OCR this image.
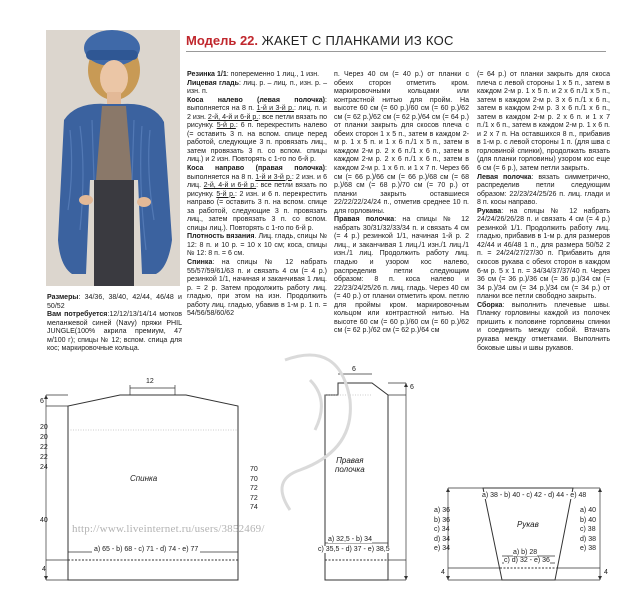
Размеры: 34/36, 38/40, 42/44, 46/48 и 50/52
Вам потребуется:12/12/13/14/14 мотков меланжевой синей (Navy) пряжи PHIL JUNGLE(100% акрила премиум, 47 м/100 г); спицы № 12; вспом. спица для кос; маркировочные кольца.
Модель 22. ЖАКЕТ С ПЛАНКАМИ ИЗ КОС

Резинка 1/1: попеременно 1 лиц., 1 изн.

Лицевая гладь: лиц. р. – лиц. п., изн. р. – изн. п.

Коса налево (левая полочка): выполняется на 8 п. 1-й и 3-й р.: лиц. п. и 2 изн. 2-й, 4-й и 6-й р.: все петли вязать по рисунку. 5-й р.: 6 п. перекрестить налево (= оставить 3 п. на вспом. спице перед работой, следующие 3 п. провязать лиц., затем провязать 3 п. со вспом. спицы лиц.) и 2 изн. Повторять с 1-го по 6-й р.

Коса направо (правая полочка): выполняется на 8 п. 1-й и 3-й р.: 2 изн. и 6 лиц. 2-й, 4-й и 6-й р.: все петли вязать по рисунку. 5-й р.: 2 изн. и 6 п. перекрестить направо (= оставить 3 п. на вспом. спице за работой, следующие 3 п. провязать лиц., затем провязать 3 п. со вспом. спицы лиц.). Повторять с 1-го по 6-й р.

Плотность вязания. Лиц. гладь, спицы № 12: 8 п. и 10 р. = 10 х 10 см; коса, спицы № 12: 8 п. = 6 см.

Спинка: на спицы № 12 набрать 55/57/59/61/63 п. и связать 4 см (= 4 р.) резинкой 1/1, начиная и заканчивая 1 лиц. р. = 2 р. Затем продолжить работу лиц. гладью, при этом на изн. Продолжить работу лиц. гладью, убавив в 1-м р. 1 п. = 54/56/58/60/62

п. Через 40 см (= 40 р.) от планки с обеих сторон отметить кром. маркировочными кольцами или контрастной нитью для пройм. На высоте 60 см (= 60 р.)/60 см (= 60 р.)/62 см (= 62 р.)/62 см (= 62 р.)/64 см (= 64 р.) от планки закрыть для скосов плеча с обеих сторон 1 х 5 п., затем в каждом 2-м р. 1 х 5 п. и 1 х 6 п./1 х 5 п., затем в каждом 2-м р. 2 х 6 п./1 х 6 п., затем в каждом 2-м р. 2 х 6 п./1 х 6 п., затем в каждом 2-м р. 1 х 6 п. и 1 х 7 п. Через 66 см (= 66 р.)/66 см (= 66 р.)/68 см (= 68 р.)/68 см (= 68 р.)/70 см (= 70 р.) от планки закрыть оставшиеся 22/22/22/24/24 п., отметив среднее 10 п. для горловины.

Правая полочка: на спицы № 12 набрать 30/31/32/33/34 п. и связать 4 см (= 4 р.) резинкой 1/1, начиная 1-й р. 2 лиц., и заканчивая 1 лиц./1 изн./1 лиц./1 изн./1 лиц. Продолжить работу лиц. гладью и узором кос налево, распределив петли следующим образом: 8 п. коса налево и 22/23/24/25/26 п. лиц. гладь. Через 40 см (= 40 р.) от планки отметить кром. петлю для проймы кром. маркировочным кольцом или контрастной нитью. На высоте 60 см (= 60 р.)/60 см (= 60 р.)/62 см (= 62 р.)/62 см (= 62 р.)/64 см

(= 64 р.) от планки закрыть для скоса плеча с левой стороны 1 х 5 п., затем в каждом 2-м р. 1 х 5 п. и 2 х 6 п./1 х 5 п., затем в каждом 2-м р. 3 х 6 п./1 х 6 п., затем в каждом 2-м р. 3 х 6 п./1 х 6 п., затем в каждом 2-м р. 2 х 6 п. и 1 х 7 п./1 х 6 п., затем в каждом 2-м р. 1 х 6 п. и 2 х 7 п. На оставшихся 8 п., прибавив в 1-м р. с левой стороны 1 п. (для шва с горловиной спинки), продолжать вязать (для планки горловины) узором кос еще 6 см (= 6 р.), затем петли закрыть.

Левая полочка: вязать симметрично, распределив петли следующим образом: 22/23/24/25/26 п. лиц. глади и 8 п. косы направо.

Рукава: на спицы № 12 набрать 24/24/26/26/28 п. и связать 4 см (= 4 р.) резинкой 1/1. Продолжить работу лиц. гладью, прибавив в 1-м р. для размеров 42/44 и 46/48 1 п., для размера 50/52 2 п. = 24/24/27/27/30 п. Прибавить для скосов рукава с обеих сторон в каждом 6-м р. 5 х 1 п. = 34/34/37/37/40 п. Через 36 см (= 36 р.)/36 см (= 36 р.)/34 см (= 34 р.)/34 см (= 34 р.)/34 см (= 34 р.) от планки все петли свободно закрыть.

Сборка: выполнить плечевые швы. Планку горловины каждой из полочек пришить к половине горловины спинки и соединить между собой. Втачать рукава между отметками. Выполнить боковые швы и швы рукавов.

Спинка
12
6
20
20
22
22
24
40
4
a) 65 - b) 68 - c) 71 - d) 74 - e) 77
Правая
полочка
6
6
70
70
72
72
74
a) 32,5 - b) 34
c) 35,5 - d) 37 - e) 38,5
Рукав
a) 38 - b) 40 - c) 42 - d) 44 - e) 48
a) 36
b) 36
c) 34
d) 34
e) 34
a) 40
b) 40
c) 38
d) 38
e) 38
4	4
a) b) 28
c) d) 32 - e) 36
http://www.liveinternet.ru/users/3852469/
